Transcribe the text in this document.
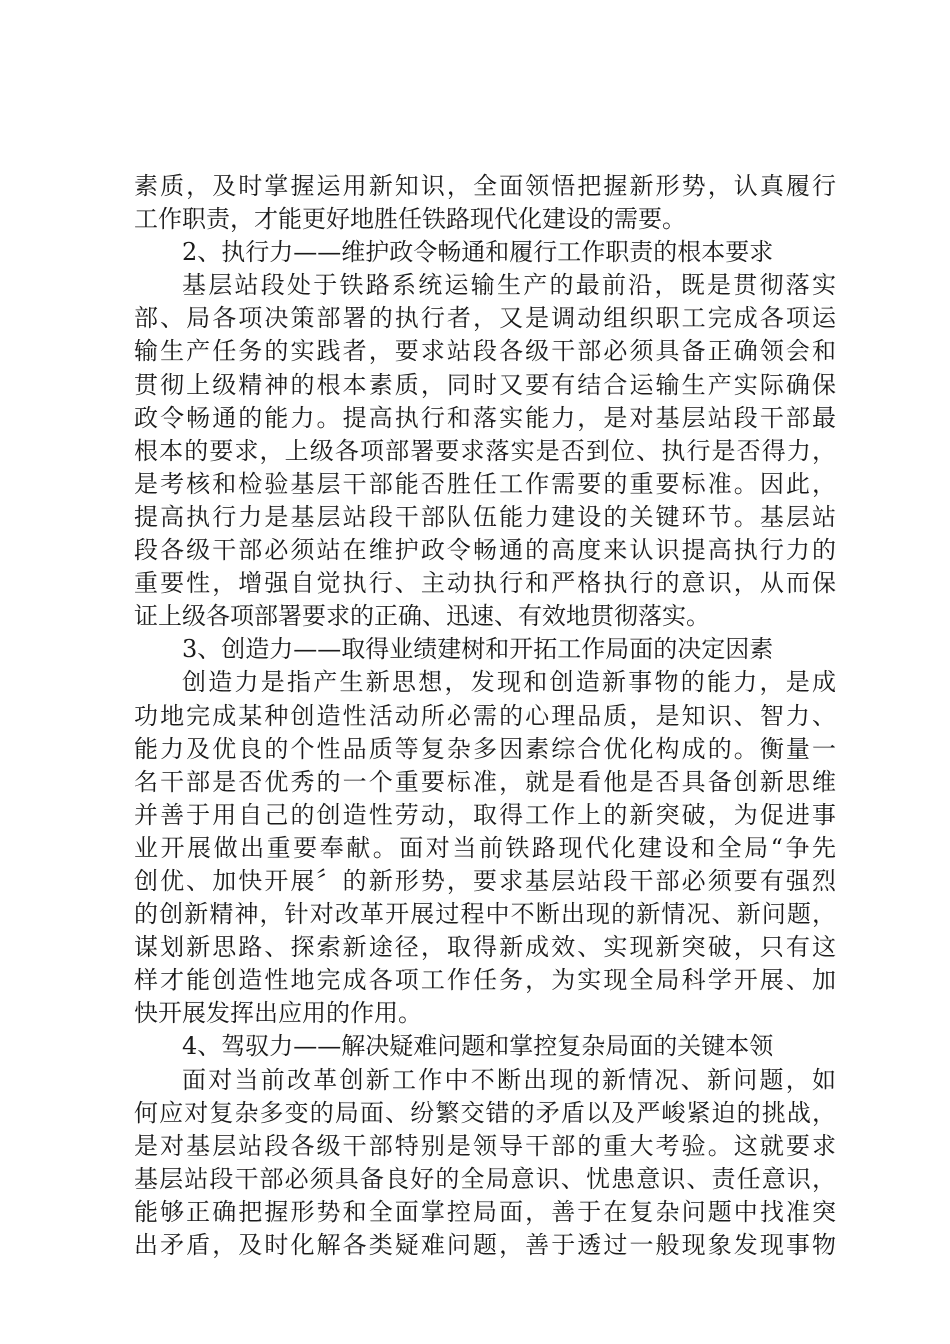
素质，及时掌握运用新知识，全面领悟把握新形势，认真履行
工作职责，才能更好地胜任铁路现代化建设的需要。
2、执行力——维护政令畅通和履行工作职责的根本要求
基层站段处于铁路系统运输生产的最前沿，既是贯彻落实
部、局各项决策部署的执行者，又是调动组织职工完成各项运
输生产任务的实践者，要求站段各级干部必须具备正确领会和
贯彻上级精神的根本素质，同时又要有结合运输生产实际确保
政令畅通的能力。提高执行和落实能力，是对基层站段干部最
根本的要求，上级各项部署要求落实是否到位、执行是否得力，
是考核和检验基层干部能否胜任工作需要的重要标准。因此，
提高执行力是基层站段干部队伍能力建设的关键环节。基层站
段各级干部必须站在维护政令畅通的高度来认识提高执行力的
重要性，增强自觉执行、主动执行和严格执行的意识，从而保
证上级各项部署要求的正确、迅速、有效地贯彻落实。
3、创造力——取得业绩建树和开拓工作局面的决定因素
创造力是指产生新思想，发现和创造新事物的能力，是成
功地完成某种创造性活动所必需的心理品质，是知识、智力、
能力及优良的个性品质等复杂多因素综合优化构成的。衡量一
名干部是否优秀的一个重要标准，就是看他是否具备创新思维
并善于用自己的创造性劳动，取得工作上的新突破，为促进事
业开展做出重要奉献。面对当前铁路现代化建设和全局“争先
创优、加快开展〞的新形势，要求基层站段干部必须要有强烈
的创新精神，针对改革开展过程中不断出现的新情况、新问题，
谋划新思路、探索新途径，取得新成效、实现新突破，只有这
样才能创造性地完成各项工作任务，为实现全局科学开展、加
快开展发挥出应用的作用。
4、驾驭力——解决疑难问题和掌控复杂局面的关键本领
面对当前改革创新工作中不断出现的新情况、新问题，如
何应对复杂多变的局面、纷繁交错的矛盾以及严峻紧迫的挑战，
是对基层站段各级干部特别是领导干部的重大考验。这就要求
基层站段干部必须具备良好的全局意识、忧患意识、责任意识，
能够正确把握形势和全面掌控局面，善于在复杂问题中找准突
出矛盾，及时化解各类疑难问题，善于透过一般现象发现事物
